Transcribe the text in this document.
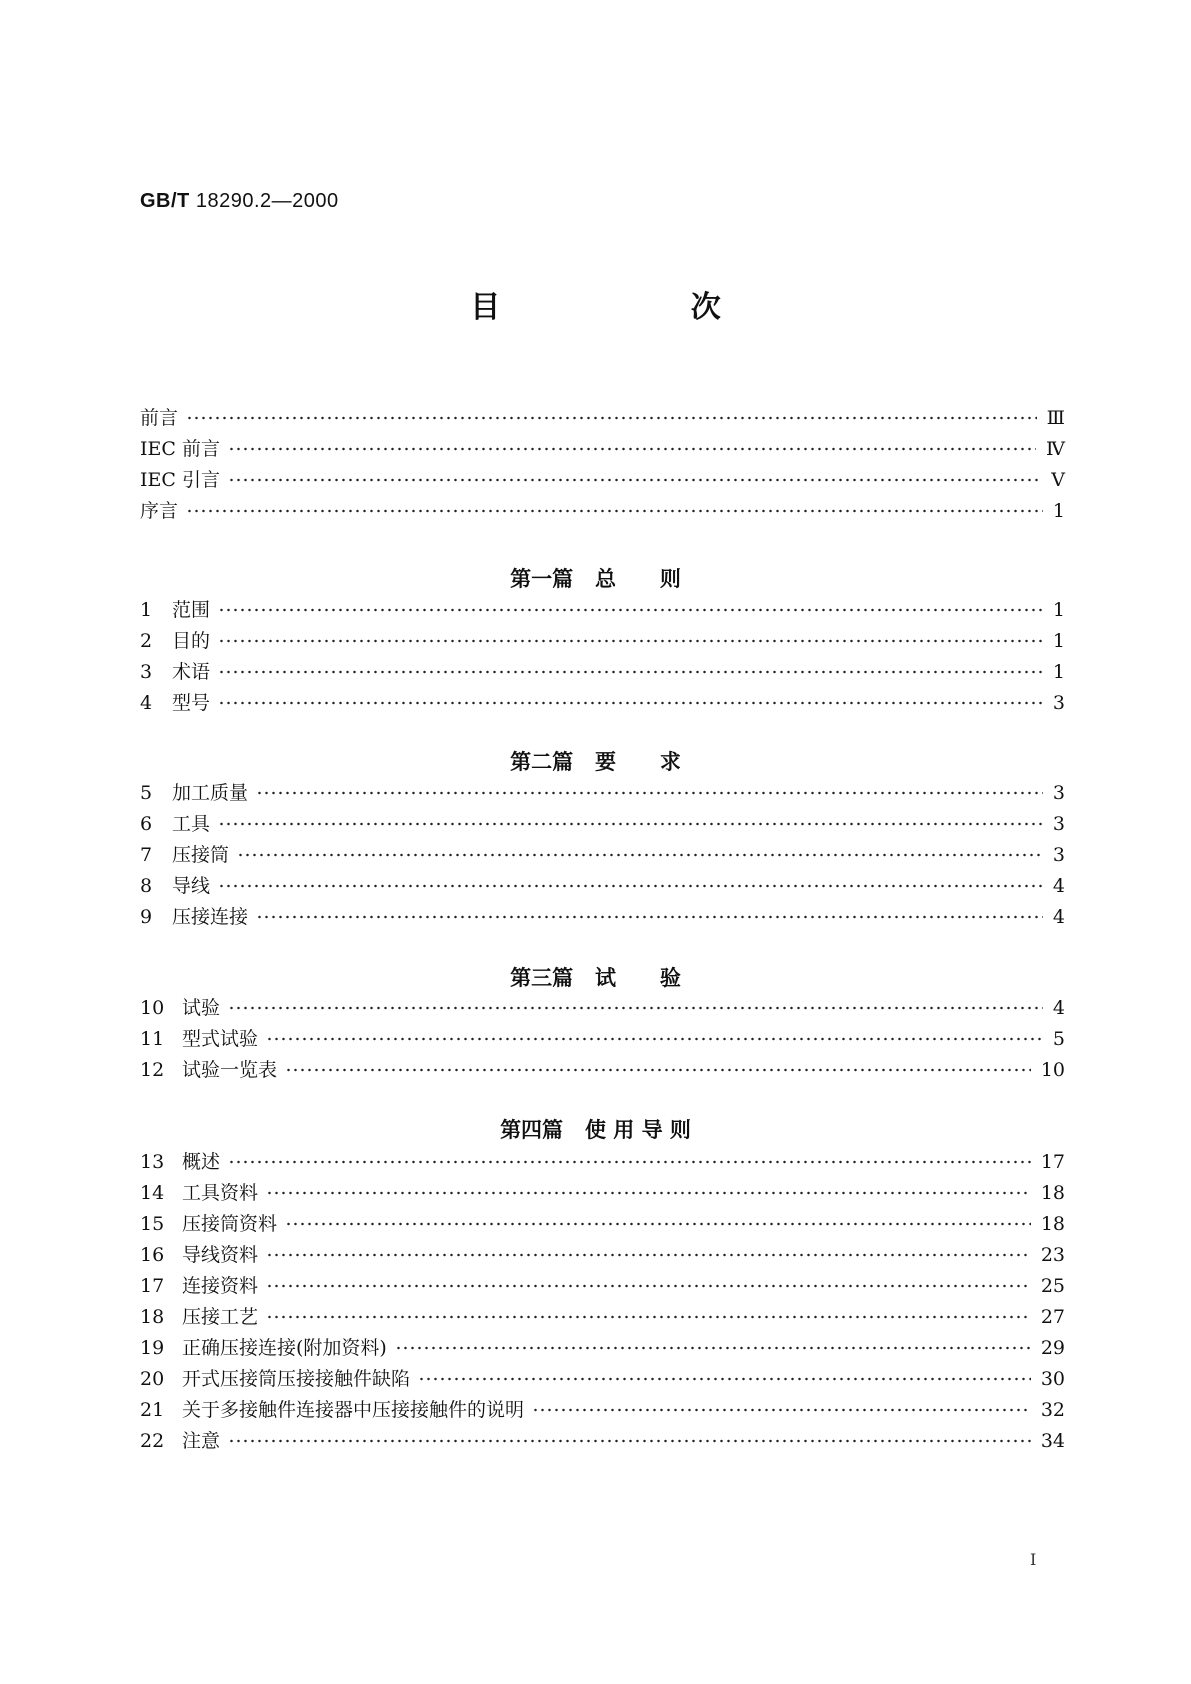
GB/T 18290.2—2000
目 次
前言	Ⅲ
IEC 前言	Ⅳ
IEC 引言	Ⅴ
序言	1
第一篇   总      则
1	范围	1
2	目的	1
3	术语	1
4	型号	3
第二篇   要      求
5	加工质量	3
6	工具	3
7	压接筒	3
8	导线	4
9	压接连接	4
第三篇   试      验
10 试验	4
11 型式试验	5
12 试验一览表	10
第四篇   使 用 导 则
13 概述	17
14 工具资料	18
15 压接筒资料	18
16 导线资料	23
17 连接资料	25
18 压接工艺	27
19 正确压接连接(附加资料)	29
20 开式压接筒压接接触件缺陷	30
21 关于多接触件连接器中压接接触件的说明	32
22 注意	34
Ⅰ
